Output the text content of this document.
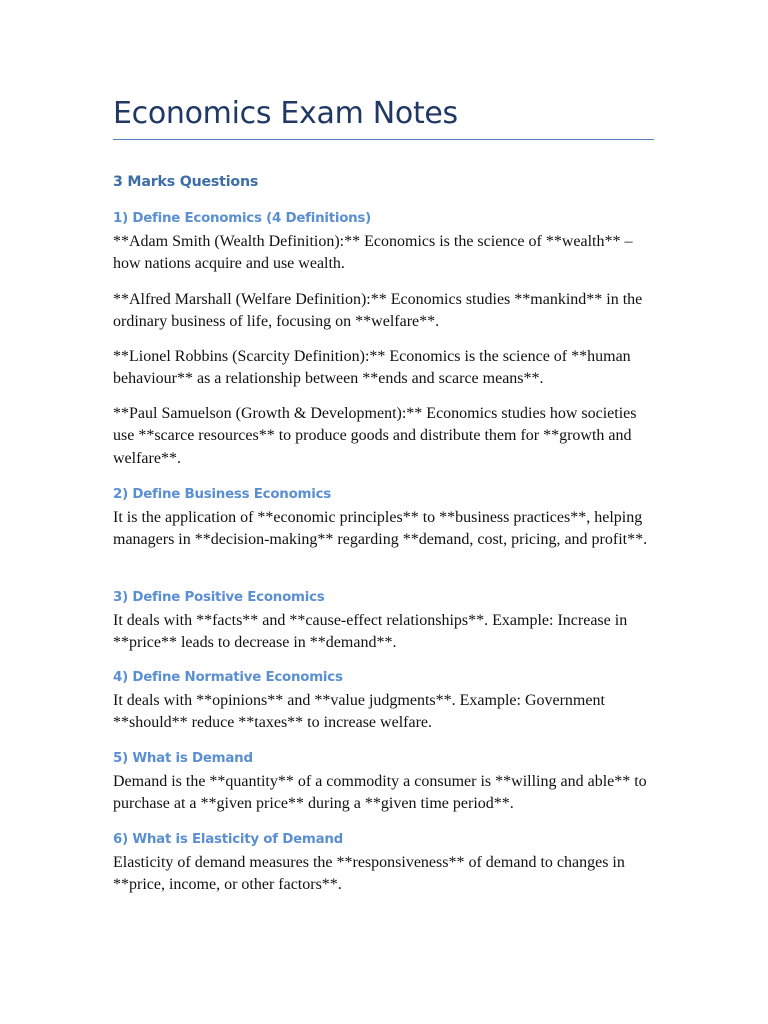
Economics Exam Notes
3 Marks Questions
1) Define Economics (4 Definitions)

**Adam Smith (Wealth Definition):** Economics is the science of **wealth** – how nations acquire and use wealth.

**Alfred Marshall (Welfare Definition):** Economics studies **mankind** in the ordinary business of life, focusing on **welfare**.

**Lionel Robbins (Scarcity Definition):** Economics is the science of **human behaviour** as a relationship between **ends and scarce means**.

**Paul Samuelson (Growth & Development):** Economics studies how societies use **scarce resources** to produce goods and distribute them for **growth and welfare**.

2) Define Business Economics

It is the application of **economic principles** to **business practices**, helping managers in **decision-making** regarding **demand, cost, pricing, and profit**.

3) Define Positive Economics

It deals with **facts** and **cause-effect relationships**. Example: Increase in **price** leads to decrease in **demand**.

4) Define Normative Economics

It deals with **opinions** and **value judgments**. Example: Government **should** reduce **taxes** to increase welfare.

5) What is Demand

Demand is the **quantity** of a commodity a consumer is **willing and able** to purchase at a **given price** during a **given time period**.

6) What is Elasticity of Demand

Elasticity of demand measures the **responsiveness** of demand to changes in **price, income, or other factors**.
